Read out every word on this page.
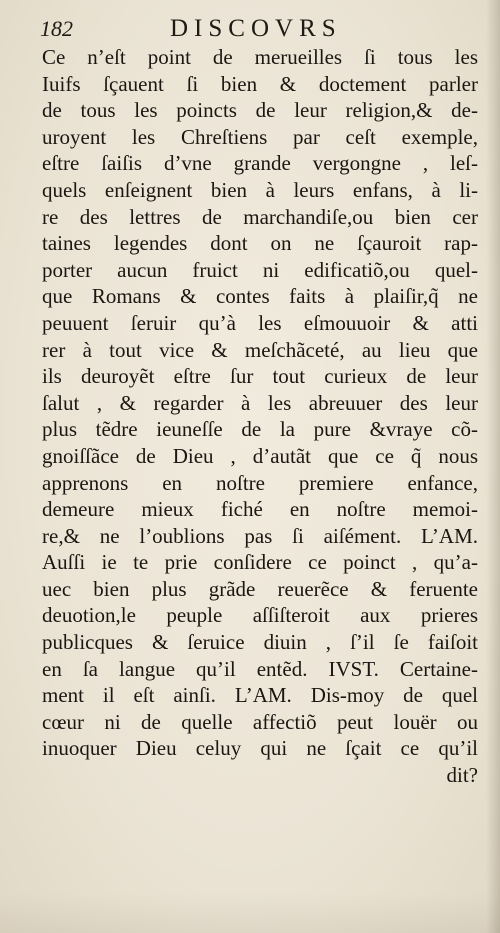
182	DISCOVRS
Ce n’eſt point de merueilles ſi tous les
Iuifs ſçauent ſi bien & doctement parler
de tous les poincts de leur religion,& de-
uroyent les Chreſtiens par ceſt exemple,
eſtre ſaiſis d’vne grande vergongne , leſ-
quels enſeignent bien à leurs enfans, à li-
re des lettres de marchandiſe,ou bien cer
taines legendes dont on ne ſçauroit rap-
porter aucun fruict ni edificatiõ,ou quel-
que Romans & contes faits à plaiſir,q̃ ne
peuuent ſeruir qu’à les eſmouuoir & atti
rer à tout vice & meſchãceté, au lieu que
ils deuroyẽt eſtre ſur tout curieux de leur
ſalut , & regarder à les abreuuer des leur
plus tẽdre ieuneſſe de la pure &vraye cõ-
gnoiſſãce de Dieu , d’autãt que ce q̃ nous
apprenons en noſtre premiere enfance,
demeure mieux fiché en noſtre memoi-
re,& ne l’oublions pas ſi aiſément. L’AM.
Auſſi ie te prie conſidere ce poinct , qu’a-
uec bien plus grãde reuerẽce & feruente
deuotion,le peuple aſſiſteroit aux prieres
publicques & ſeruice diuin , ſ’il ſe faiſoit
en ſa langue qu’il entẽd. IVST. Certaine-
ment il eſt ainſi. L’AM. Dis-moy de quel
cœur ni de quelle affectiõ peut louër ou
inuoquer Dieu celuy qui ne ſçait ce qu’il
dit?
